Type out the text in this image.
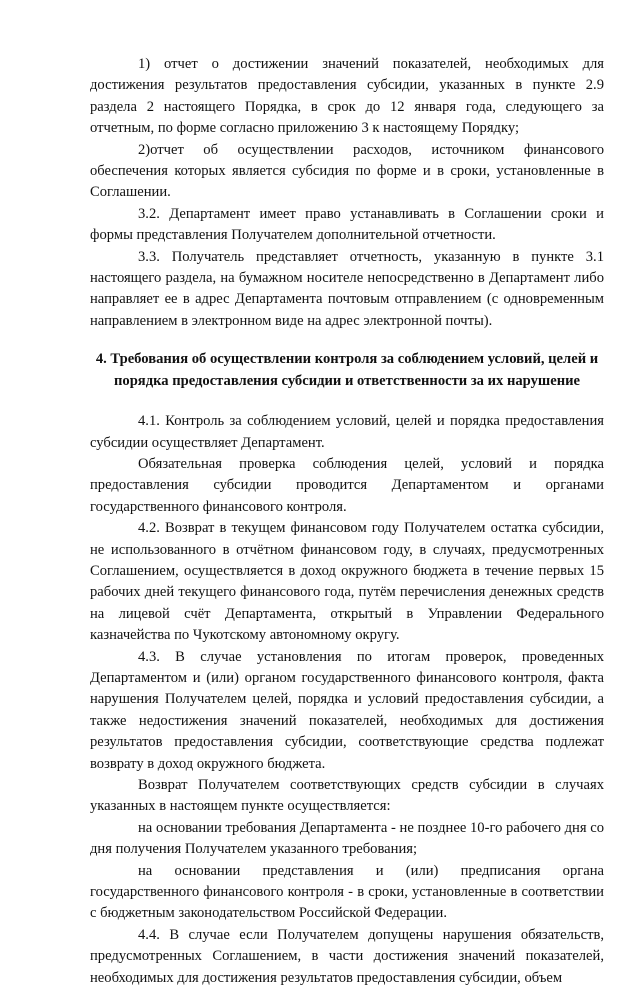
1) отчет о достижении значений показателей, необходимых для достижения результатов предоставления субсидии, указанных в пункте 2.9 раздела 2 настоящего Порядка, в срок до 12 января года, следующего за отчетным, по форме согласно приложению 3 к настоящему Порядку;

2)отчет об осуществлении расходов, источником финансового обеспечения которых является субсидия по форме и в сроки, установленные в Соглашении.

3.2. Департамент имеет право устанавливать в Соглашении сроки и формы представления Получателем дополнительной отчетности.

3.3. Получатель представляет отчетность, указанную в пункте 3.1 настоящего раздела, на бумажном носителе непосредственно в Департамент либо направляет ее в адрес Департамента почтовым отправлением (с одновременным направлением в электронном виде на адрес электронной почты).

4. Требования об осуществлении контроля за соблюдением условий, целей и порядка предоставления субсидии и ответственности за их нарушение

4.1. Контроль за соблюдением условий, целей и порядка предоставления субсидии осуществляет Департамент.

Обязательная проверка соблюдения целей, условий и порядка предоставления субсидии проводится Департаментом и органами государственного финансового контроля.

4.2. Возврат в текущем финансовом году Получателем остатка субсидии, не использованного в отчётном финансовом году, в случаях, предусмотренных Соглашением, осуществляется в доход окружного бюджета в течение первых 15 рабочих дней текущего финансового года, путём перечисления денежных средств на лицевой счёт Департамента, открытый в Управлении Федерального казначейства по Чукотскому автономному округу.

4.3. В случае установления по итогам проверок, проведенных Департаментом и (или) органом государственного финансового контроля, факта нарушения Получателем целей, порядка и условий предоставления субсидии, а также недостижения значений показателей, необходимых для достижения результатов предоставления субсидии, соответствующие средства подлежат возврату в доход окружного бюджета.

Возврат Получателем соответствующих средств субсидии в случаях указанных в настоящем пункте осуществляется:

на основании требования Департамента - не позднее 10-го рабочего дня со дня получения Получателем указанного требования;

на основании представления и (или) предписания органа государственного финансового контроля - в сроки, установленные в соответствии с бюджетным законодательством Российской Федерации.

4.4. В случае если Получателем допущены нарушения обязательств, предусмотренных Соглашением, в части достижения значений показателей, необходимых для достижения результатов предоставления субсидии, объем
